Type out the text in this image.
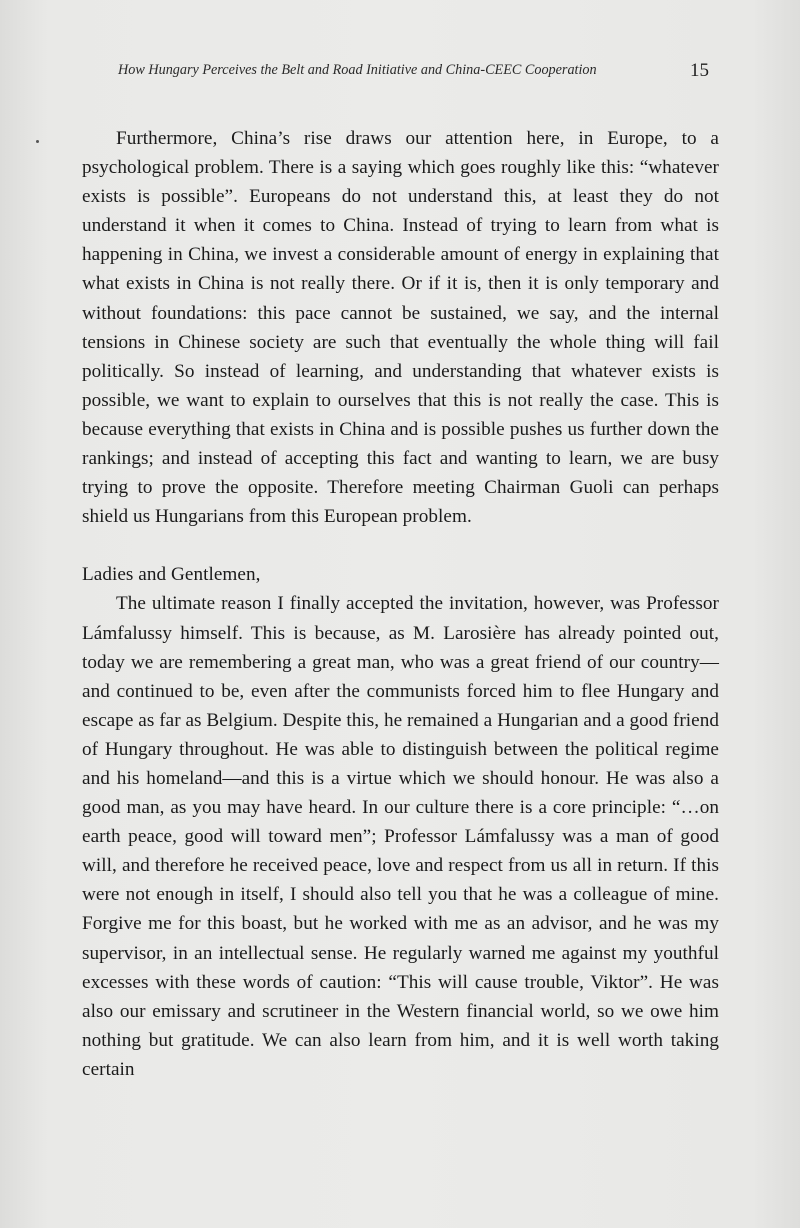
How Hungary Perceives the Belt and Road Initiative and China-CEEC Cooperation	15

Furthermore, China’s rise draws our attention here, in Europe, to a psychological problem. There is a saying which goes roughly like this: “whatever exists is possible”. Europeans do not understand this, at least they do not understand it when it comes to China. Instead of trying to learn from what is happening in China, we invest a considerable amount of energy in explaining that what exists in China is not really there. Or if it is, then it is only temporary and without foundations: this pace cannot be sustained, we say, and the internal tensions in Chinese society are such that eventually the whole thing will fail politically. So instead of learning, and understanding that whatever exists is possible, we want to explain to ourselves that this is not really the case. This is because everything that exists in China and is possible pushes us further down the rankings; and instead of accepting this fact and wanting to learn, we are busy trying to prove the opposite. Therefore meeting Chairman Guoli can perhaps shield us Hungarians from this European problem.

Ladies and Gentlemen,

The ultimate reason I finally accepted the invitation, however, was Professor Lámfalussy himself. This is because, as M. Larosière has already pointed out, today we are remembering a great man, who was a great friend of our country—and continued to be, even after the communists forced him to flee Hungary and escape as far as Belgium. Despite this, he remained a Hungarian and a good friend of Hungary throughout. He was able to distinguish between the political regime and his homeland—and this is a virtue which we should honour. He was also a good man, as you may have heard. In our culture there is a core principle: “…on earth peace, good will toward men”; Professor Lámfalussy was a man of good will, and therefore he received peace, love and respect from us all in return. If this were not enough in itself, I should also tell you that he was a colleague of mine. Forgive me for this boast, but he worked with me as an advisor, and he was my supervisor, in an intellectual sense. He regularly warned me against my youthful excesses with these words of caution: “This will cause trouble, Viktor”. He was also our emissary and scrutineer in the Western financial world, so we owe him nothing but gratitude. We can also learn from him, and it is well worth taking certain
